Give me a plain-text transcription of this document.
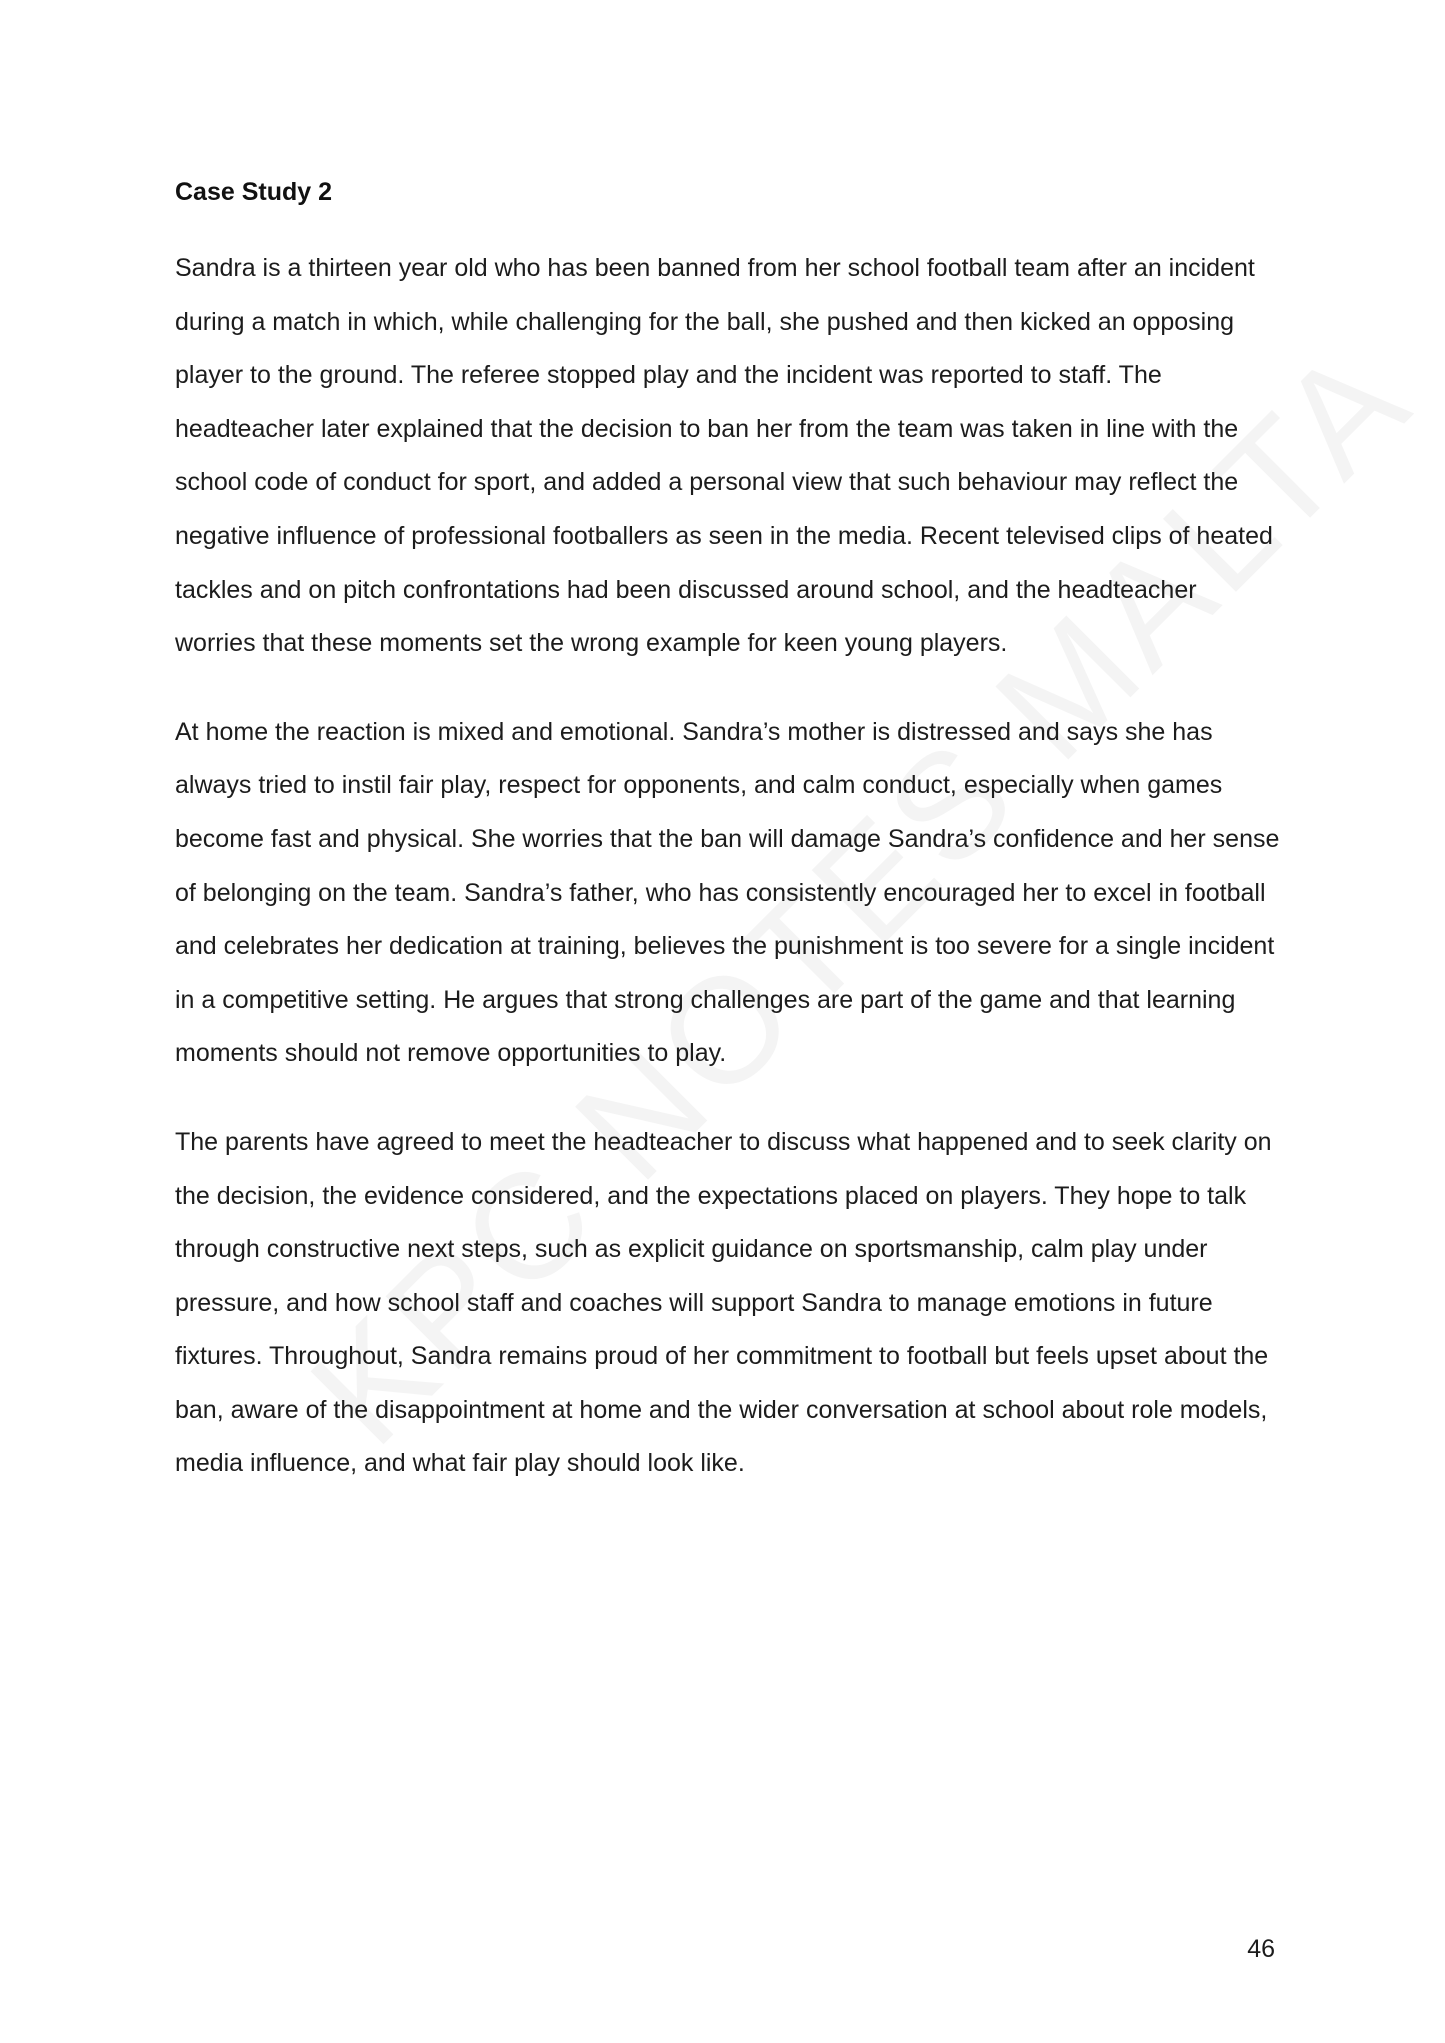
Case Study 2

Sandra is a thirteen year old who has been banned from her school football team after an incident during a match in which, while challenging for the ball, she pushed and then kicked an opposing player to the ground. The referee stopped play and the incident was reported to staff. The headteacher later explained that the decision to ban her from the team was taken in line with the school code of conduct for sport, and added a personal view that such behaviour may reflect the negative influence of professional footballers as seen in the media. Recent televised clips of heated tackles and on pitch confrontations had been discussed around school, and the headteacher worries that these moments set the wrong example for keen young players.

At home the reaction is mixed and emotional. Sandra’s mother is distressed and says she has always tried to instil fair play, respect for opponents, and calm conduct, especially when games become fast and physical. She worries that the ban will damage Sandra’s confidence and her sense of belonging on the team. Sandra’s father, who has consistently encouraged her to excel in football and celebrates her dedication at training, believes the punishment is too severe for a single incident in a competitive setting. He argues that strong challenges are part of the game and that learning moments should not remove opportunities to play.

The parents have agreed to meet the headteacher to discuss what happened and to seek clarity on the decision, the evidence considered, and the expectations placed on players. They hope to talk through constructive next steps, such as explicit guidance on sportsmanship, calm play under pressure, and how school staff and coaches will support Sandra to manage emotions in future fixtures. Throughout, Sandra remains proud of her commitment to football but feels upset about the ban, aware of the disappointment at home and the wider conversation at school about role models, media influence, and what fair play should look like.

46
